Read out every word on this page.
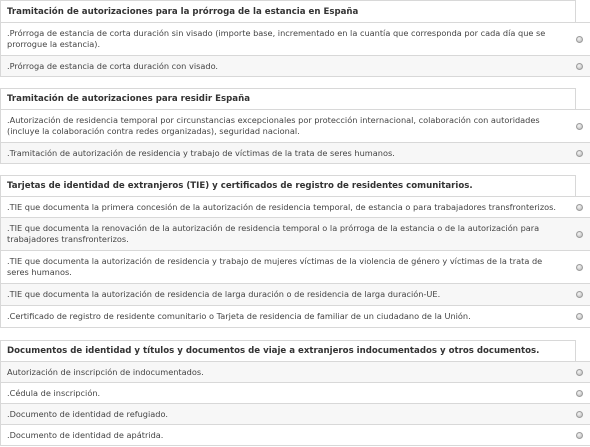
Tramitación de autorizaciones para la prórroga de la estancia en España
.Prórroga de estancia de corta duración sin visado (importe base, incrementado en la cuantía que corresponda por cada día que se prorrogue la estancia).
.Prórroga de estancia de corta duración con visado.
Tramitación de autorizaciones para residir España
.Autorización de residencia temporal por circunstancias excepcionales por protección internacional, colaboración con autoridades (incluye la colaboración contra redes organizadas), seguridad nacional.
.Tramitación de autorización de residencia y trabajo de víctimas de la trata de seres humanos.
Tarjetas de identidad de extranjeros (TIE) y certificados de registro de residentes comunitarios.
.TIE que documenta la primera concesión de la autorización de residencia temporal, de estancia o para trabajadores transfronterizos.
.TIE que documenta la renovación de la autorización de residencia temporal o la prórroga de la estancia o de la autorización para trabajadores transfronterizos.
.TIE que documenta la autorización de residencia y trabajo de mujeres víctimas de la violencia de género y víctimas de la trata de seres humanos.
.TIE que documenta la autorización de residencia de larga duración o de residencia de larga duración-UE.
.Certificado de registro de residente comunitario o Tarjeta de residencia de familiar de un ciudadano de la Unión.
Documentos de identidad y títulos y documentos de viaje a extranjeros indocumentados y otros documentos.
Autorización de inscripción de indocumentados.
.Cédula de inscripción.
.Documento de identidad de refugiado.
.Documento de identidad de apátrida.
